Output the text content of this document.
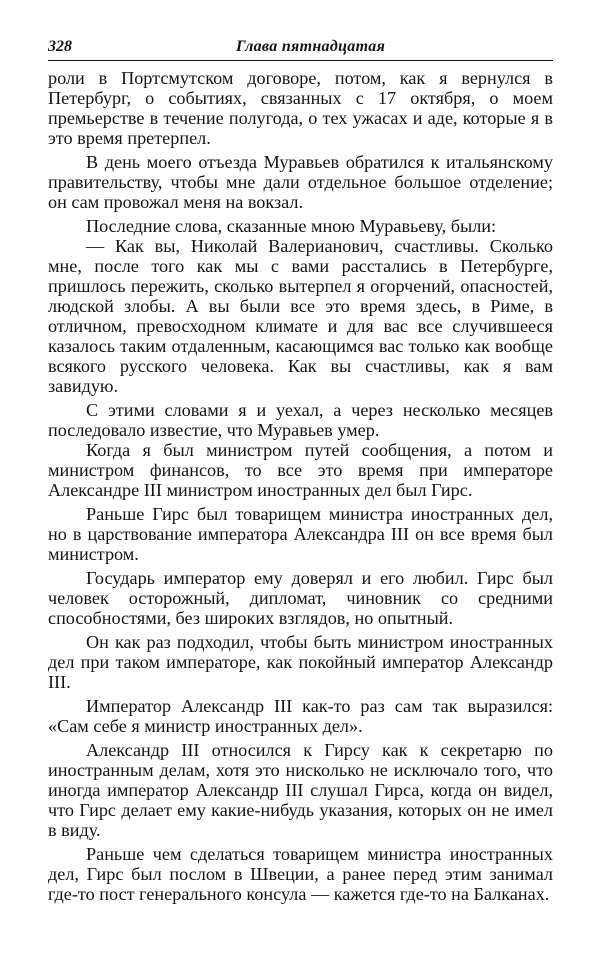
328	Глава пятнадцатая

роли в Портсмутском договоре, потом, как я вернулся в Петербург, о событиях, связанных с 17 октября, о моем премьерстве в течение полугода, о тех ужасах и аде, которые я в это время претерпел.

В день моего отъезда Муравьев обратился к итальянскому правительству, чтобы мне дали отдельное большое отделение; он сам провожал меня на вокзал.

Последние слова, сказанные мною Муравьеву, были:

— Как вы, Николай Валерианович, счастливы. Сколько мне, после того как мы с вами расстались в Петербурге, пришлось пережить, сколько вытерпел я огорчений, опасностей, людской злобы. А вы были все это время здесь, в Риме, в отличном, превосходном климате и для вас все случившееся казалось таким отдаленным, касающимся вас только как вообще всякого русского человека. Как вы счастливы, как я вам завидую.

С этими словами я и уехал, а через несколько месяцев последовало известие, что Муравьев умер.

Когда я был министром путей сообщения, а потом и министром финансов, то все это время при императоре Александре III министром иностранных дел был Гирс.

Раньше Гирс был товарищем министра иностранных дел, но в царствование императора Александра III он все время был министром.

Государь император ему доверял и его любил. Гирс был человек осторожный, дипломат, чиновник со средними способностями, без широких взглядов, но опытный.

Он как раз подходил, чтобы быть министром иностранных дел при таком императоре, как покойный император Александр III.

Император Александр III как-то раз сам так выразился: «Сам себе я министр иностранных дел».

Александр III относился к Гирсу как к секретарю по иностранным делам, хотя это нисколько не исключало того, что иногда император Александр III слушал Гирса, когда он видел, что Гирс делает ему какие-нибудь указания, которых он не имел в виду.

Раньше чем сделаться товарищем министра иностранных дел, Гирс был послом в Швеции, а ранее перед этим занимал где-то пост генерального консула — кажется где-то на Балканах.
